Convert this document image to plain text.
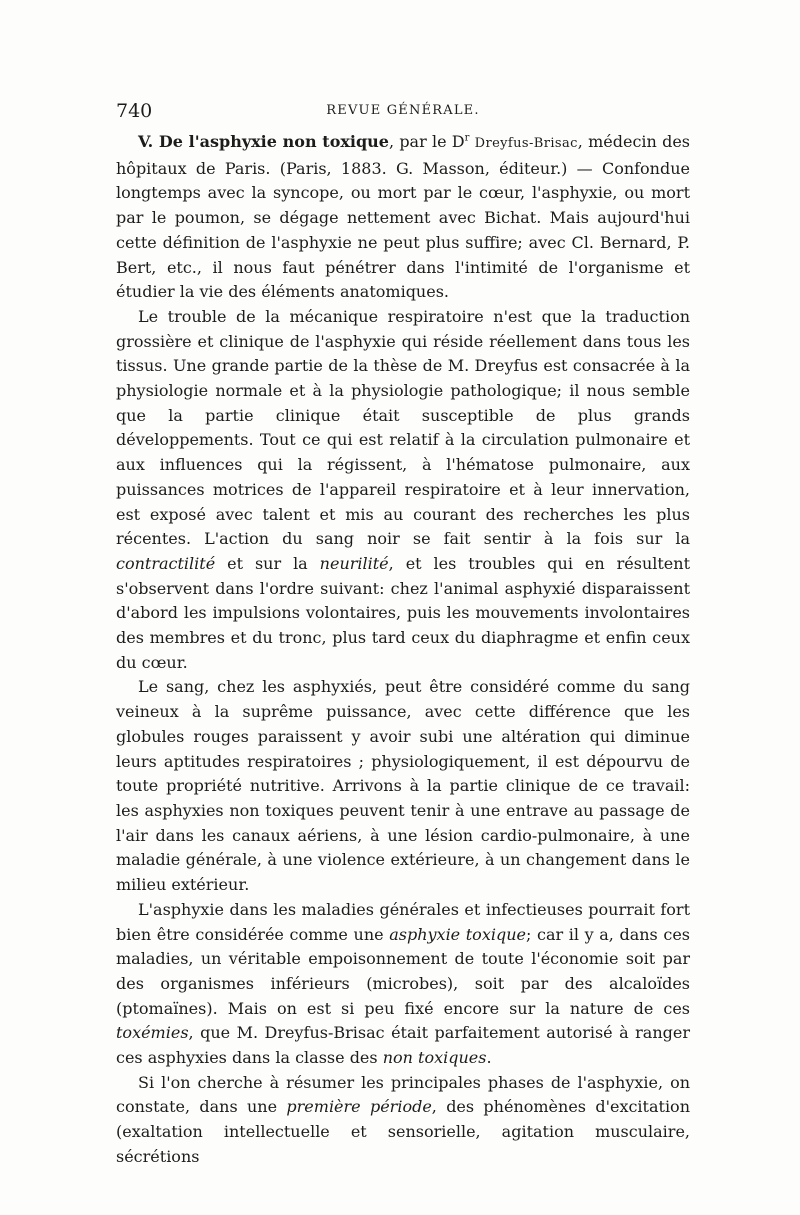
740	REVUE GÉNÉRALE.

V. De l'asphyxie non toxique, par le $D^r$ Dreyfus-Brisac, médecin des hôpitaux de Paris. (Paris, 1883. G. Masson, éditeur.) — Confondue longtemps avec la syncope, ou mort par le cœur, l'asphyxie, ou mort par le poumon, se dégage nettement avec Bichat. Mais aujourd'hui cette définition de l'asphyxie ne peut plus suffire; avec Cl. Bernard, P. Bert, etc., il nous faut pénétrer dans l'intimité de l'organisme et étudier la vie des éléments anatomiques.

Le trouble de la mécanique respiratoire n'est que la traduction grossière et clinique de l'asphyxie qui réside réellement dans tous les tissus. Une grande partie de la thèse de M. Dreyfus est consacrée à la physiologie normale et à la physiologie pathologique; il nous semble que la partie clinique était susceptible de plus grands développements. Tout ce qui est relatif à la circulation pulmonaire et aux influences qui la régissent, à l'hématose pulmonaire, aux puissances motrices de l'appareil respiratoire et à leur innervation, est exposé avec talent et mis au courant des recherches les plus récentes. L'action du sang noir se fait sentir à la fois sur la contractilité et sur la neurilité, et les troubles qui en résultent s'observent dans l'ordre suivant: chez l'animal asphyxié disparaissent d'abord les impulsions volontaires, puis les mouvements involontaires des membres et du tronc, plus tard ceux du diaphragme et enfin ceux du cœur.

Le sang, chez les asphyxiés, peut être considéré comme du sang veineux à la suprême puissance, avec cette différence que les globules rouges paraissent y avoir subi une altération qui diminue leurs aptitudes respiratoires ; physiologiquement, il est dépourvu de toute propriété nutritive. Arrivons à la partie clinique de ce travail: les asphyxies non toxiques peuvent tenir à une entrave au passage de l'air dans les canaux aériens, à une lésion cardio-pulmonaire, à une maladie générale, à une violence extérieure, à un changement dans le milieu extérieur.

L'asphyxie dans les maladies générales et infectieuses pourrait fort bien être considérée comme une asphyxie toxique; car il y a, dans ces maladies, un véritable empoisonnement de toute l'économie soit par des organismes inférieurs (microbes), soit par des alcaloïdes (ptomaïnes). Mais on est si peu fixé encore sur la nature de ces toxémies, que M. Dreyfus-Brisac était parfaitement autorisé à ranger ces asphyxies dans la classe des non toxiques.

Si l'on cherche à résumer les principales phases de l'asphyxie, on constate, dans une première période, des phénomènes d'excitation (exaltation intellectuelle et sensorielle, agitation musculaire, sécrétions
